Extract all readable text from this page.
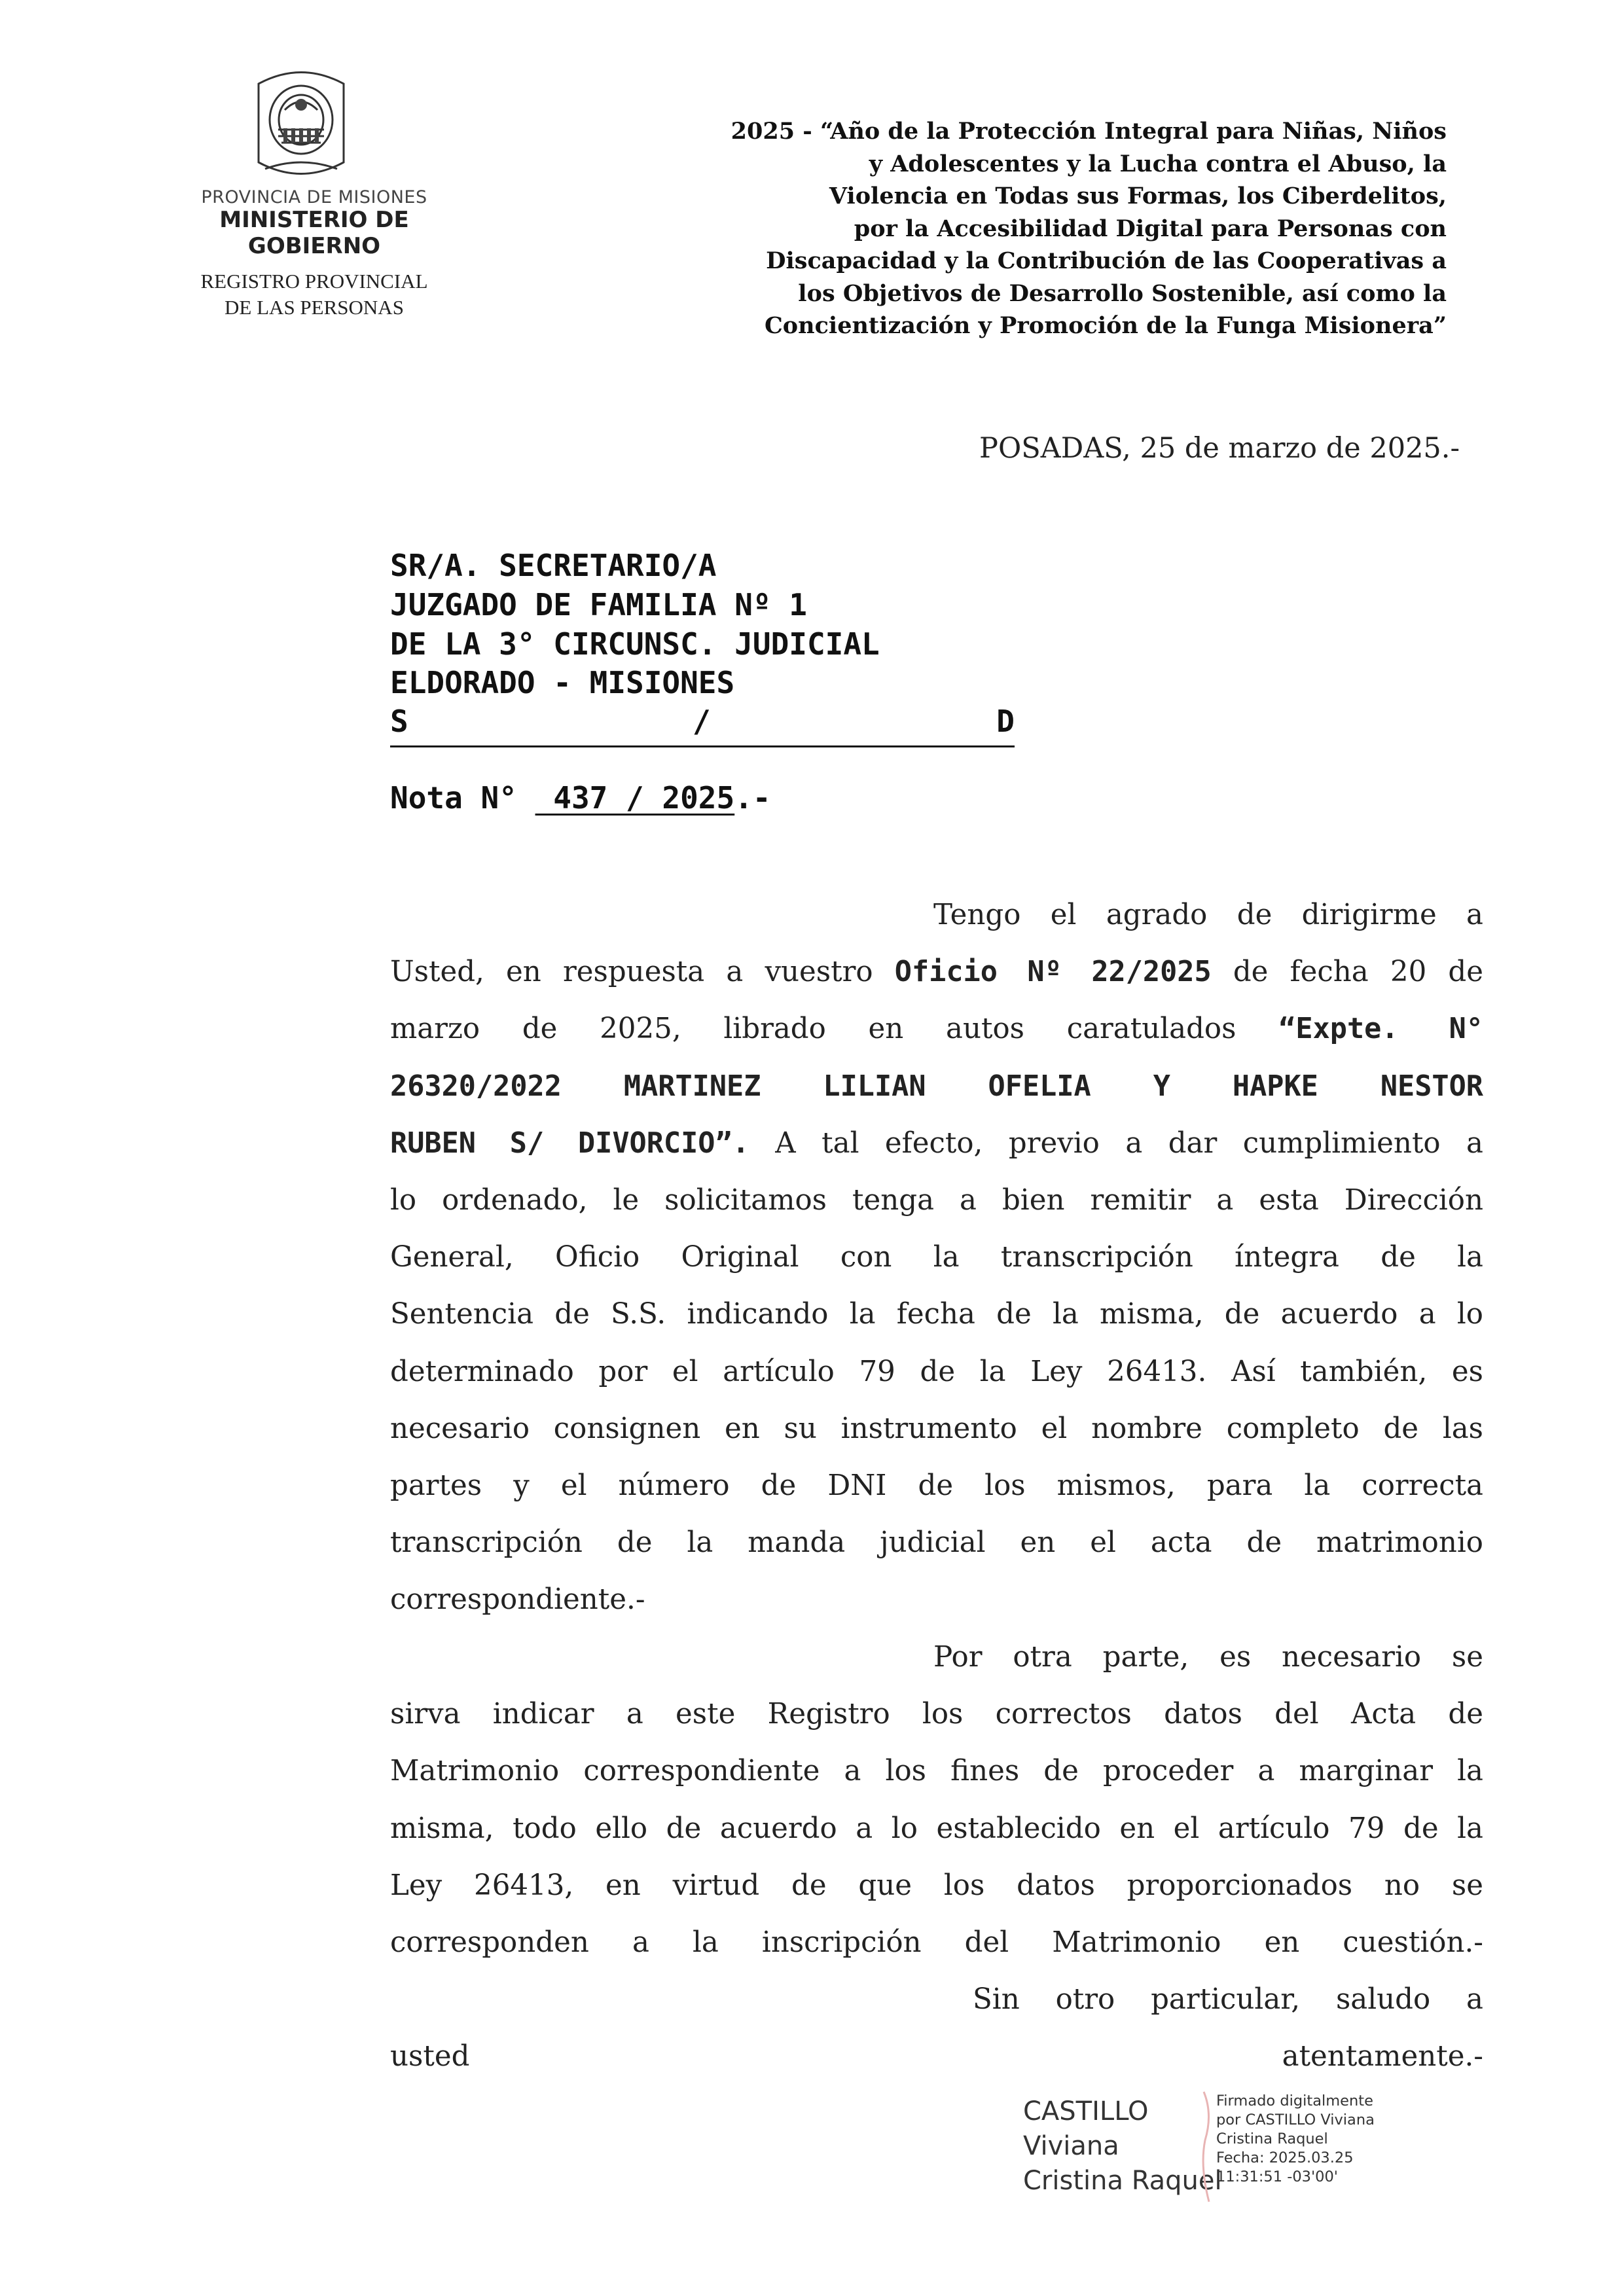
PROVINCIA DE MISIONES
MINISTERIO DE GOBIERNO
REGISTRO PROVINCIAL
DE LAS PERSONAS
2025 - “Año de la Protección Integral para Niñas, Niños
y Adolescentes y la Lucha contra el Abuso, la
Violencia en Todas sus Formas, los Ciberdelitos,
por la Accesibilidad Digital para Personas con
Discapacidad y la Contribución de las Cooperativas a
los Objetivos de Desarrollo Sostenible, así como la
Concientización y Promoción de la Funga Misionera”
POSADAS, 25 de marzo de 2025.-
SR/A. SECRETARIO/A
JUZGADO DE FAMILIA Nº 1
DE LA 3° CIRCUNSC. JUDICIAL
ELDORADO - MISIONES
S	/	D
Nota N°  437 / 2025.-
Tengo el agrado de dirigirme a
Usted, en respuesta a vuestro Oficio Nº 22/2025 de fecha 20 de
marzo de 2025, librado en autos caratulados “Expte. N°
26320/2022 MARTINEZ LILIAN OFELIA Y HAPKE NESTOR
RUBEN S/ DIVORCIO”. A tal efecto, previo a dar cumplimiento a
lo ordenado, le solicitamos tenga a bien remitir a esta Dirección
General, Oficio Original con la transcripción íntegra de la
Sentencia de S.S. indicando la fecha de la misma, de acuerdo a lo
determinado por el artículo 79 de la Ley 26413. Así también, es
necesario consignen en su instrumento el nombre completo de las
partes y el número de DNI de los mismos, para la correcta
transcripción de la manda judicial en el acta de matrimonio
correspondiente.-
Por otra parte, es necesario se
sirva indicar a este Registro los correctos datos del Acta de
Matrimonio correspondiente a los fines de proceder a marginar la
misma, todo ello de acuerdo a lo establecido en el artículo 79 de la
Ley 26413, en virtud de que los datos proporcionados no se
corresponden a la inscripción del Matrimonio en cuestión.-
Sin otro particular, saludo a
usted atentamente.-
CASTILLO
Viviana
Cristina Raquel
Firmado digitalmente
por CASTILLO Viviana
Cristina Raquel
Fecha: 2025.03.25
11:31:51 -03'00'
